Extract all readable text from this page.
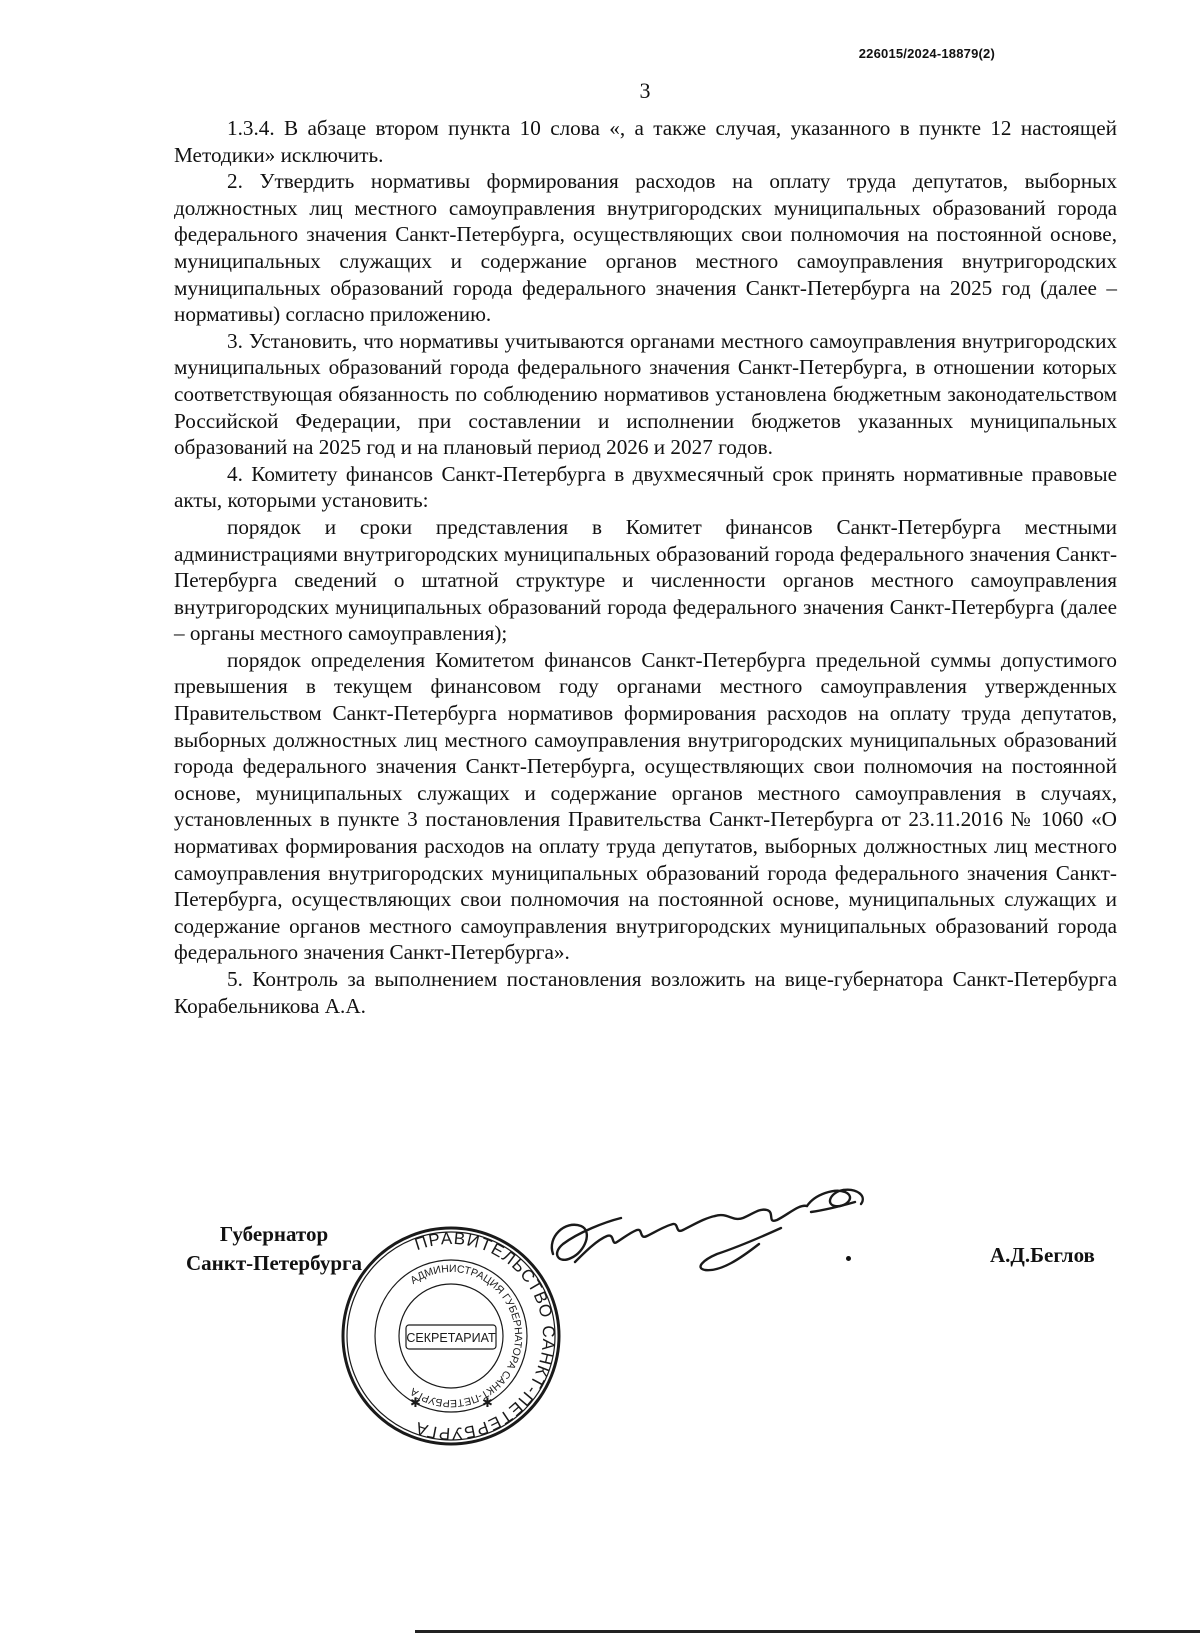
226015/2024-18879(2)
3

1.3.4. В абзаце втором пункта 10 слова «, а также случая, указанного в пункте 12 настоящей Методики» исключить.

2. Утвердить нормативы формирования расходов на оплату труда депутатов, выборных должностных лиц местного самоуправления внутригородских муниципальных образований города федерального значения Санкт-Петербурга, осуществляющих свои полномочия на постоянной основе, муниципальных служащих и содержание органов местного самоуправления внутригородских муниципальных образований города федерального значения Санкт-Петербурга на 2025 год (далее – нормативы) согласно приложению.

3. Установить, что нормативы учитываются органами местного самоуправления внутригородских муниципальных образований города федерального значения Санкт-Петербурга, в отношении которых соответствующая обязанность по соблюдению нормативов установлена бюджетным законодательством Российской Федерации, при составлении и исполнении бюджетов указанных муниципальных образований на 2025 год и на плановый период 2026 и 2027 годов.

4. Комитету финансов Санкт-Петербурга в двухмесячный срок принять нормативные правовые акты, которыми установить:

порядок и сроки представления в Комитет финансов Санкт-Петербурга местными администрациями внутригородских муниципальных образований города федерального значения Санкт-Петербурга сведений о штатной структуре и численности органов местного самоуправления внутригородских муниципальных образований города федерального значения Санкт-Петербурга (далее – органы местного самоуправления);

порядок определения Комитетом финансов Санкт-Петербурга предельной суммы допустимого превышения в текущем финансовом году органами местного самоуправления утвержденных Правительством Санкт-Петербурга нормативов формирования расходов на оплату труда депутатов, выборных должностных лиц местного самоуправления внутригородских муниципальных образований города федерального значения Санкт-Петербурга, осуществляющих свои полномочия на постоянной основе, муниципальных служащих и содержание органов местного самоуправления в случаях, установленных в пункте 3 постановления Правительства Санкт-Петербурга от 23.11.2016 № 1060 «О нормативах формирования расходов на оплату труда депутатов, выборных должностных лиц местного самоуправления внутригородских муниципальных образований города федерального значения Санкт-Петербурга, осуществляющих свои полномочия на постоянной основе, муниципальных служащих и содержание органов местного самоуправления внутригородских муниципальных образований города федерального значения Санкт-Петербурга».

5. Контроль за выполнением постановления возложить на вице-губернатора Санкт-Петербурга Корабельникова А.А.

ПРАВИТЕЛЬСТВО САНКТ-ПЕТЕРБУРГА
АДМИНИСТРАЦИЯ ГУБЕРНАТОРА САНКТ-ПЕТЕРБУРГА
СЕКРЕТАРИАТ
✱	✱
Губернатор
Санкт-Петербурга	А.Д.Беглов
